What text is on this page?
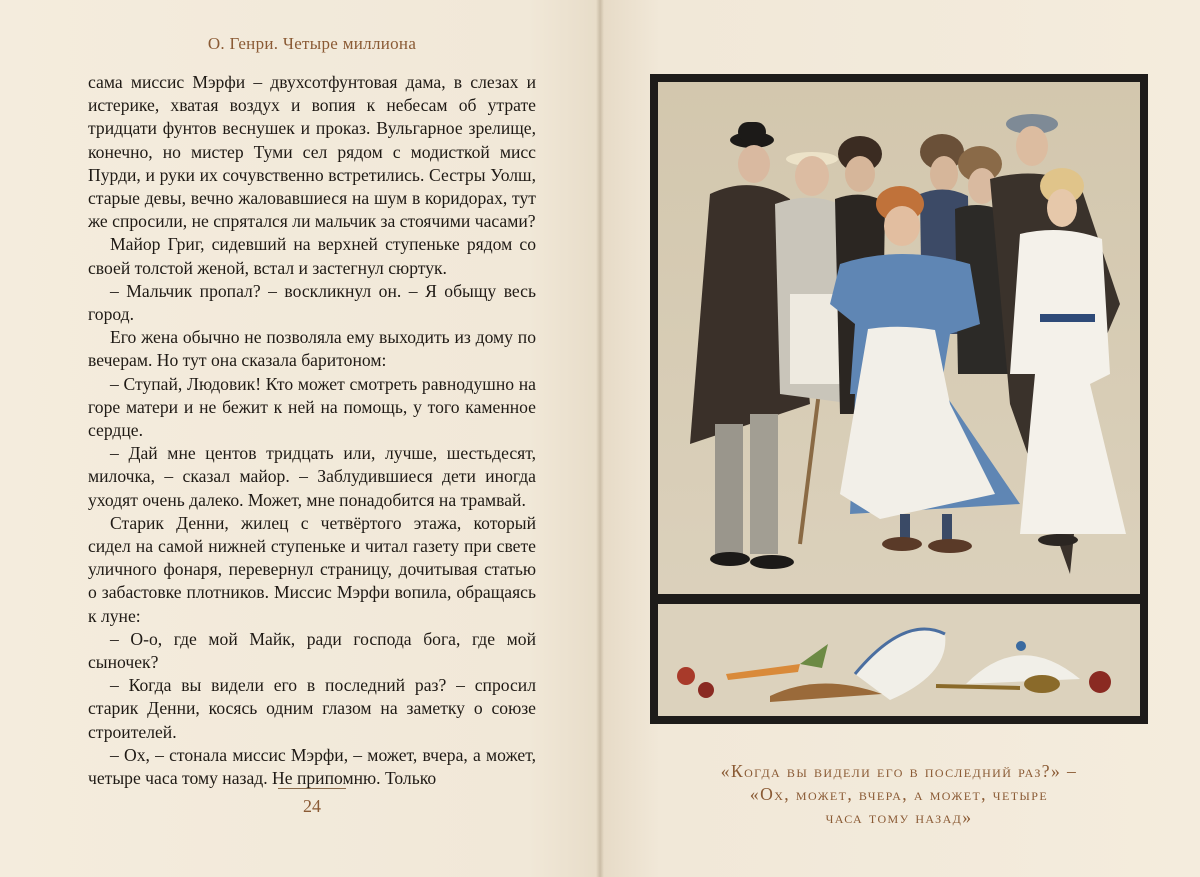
О. Генри. Четыре миллиона

сама миссис Мэрфи – двухсотфунтовая дама, в слезах и истерике, хватая воздух и вопия к небесам об утрате тридцати фунтов веснушек и проказ. Вульгарное зрелище, конечно, но мистер Туми сел рядом с модисткой мисс Пурди, и руки их сочувственно встретились. Сестры Уолш, старые девы, вечно жаловавшиеся на шум в коридорах, тут же спросили, не спрятался ли мальчик за стоячими часами?

Майор Григ, сидевший на верхней ступеньке рядом со своей толстой женой, встал и застегнул сюртук.

– Мальчик пропал? – воскликнул он. – Я обыщу весь город.

Его жена обычно не позволяла ему выходить из дому по вечерам. Но тут она сказала баритоном:

– Ступай, Людовик! Кто может смотреть равнодушно на горе матери и не бежит к ней на помощь, у того каменное сердце.

– Дай мне центов тридцать или, лучше, шестьдесят, милочка, – сказал майор. – Заблудившиеся дети иногда уходят очень далеко. Может, мне понадобится на трамвай.

Старик Денни, жилец с четвёртого этажа, который сидел на самой нижней ступеньке и читал газету при свете уличного фонаря, перевернул страницу, дочитывая статью о забастовке плотников. Миссис Мэрфи вопила, обращаясь к луне:

– О-о, где мой Майк, ради господа бога, где мой сыночек?

– Когда вы видели его в последний раз? – спросил старик Денни, косясь одним глазом на заметку о союзе строителей.

– Ох, – стонала миссис Мэрфи, – может, вчера, а может, четыре часа тому назад. Не припомню. Только

24
«Когда вы видели его в последний раз?» –
«Ох, может, вчера, а может, четыре
часа тому назад»
